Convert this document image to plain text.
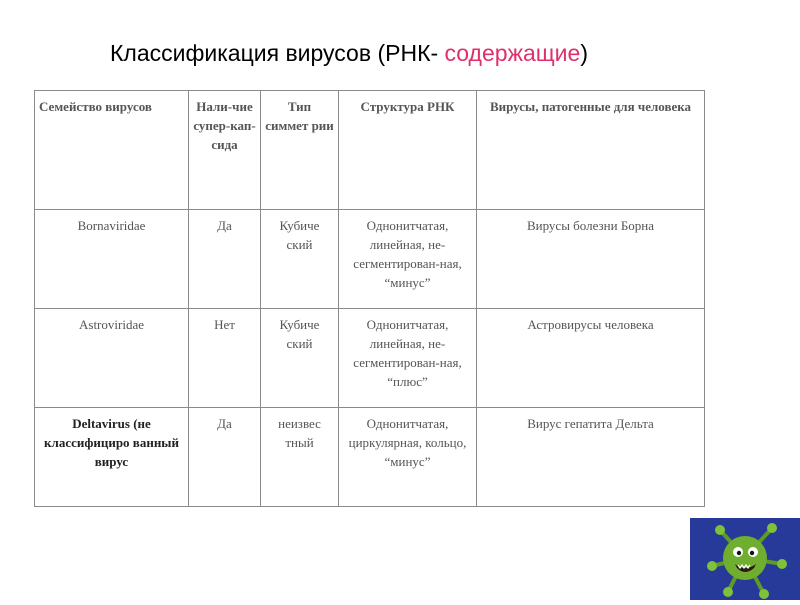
Классификация вирусов (РНК- содержащие)
Семейство вирусов	Нали-чие супер-кап-сида	Тип симмет рии	Структура РНК	Вирусы, патогенные для человека
Bornaviridae	Да	Кубиче ский	Однонитчатая, линейная, не-сегментирован-ная, “минус”	Вирусы болезни Борна
Astroviridae	Нет	Кубиче ский	Однонитчатая, линейная, не-сегментирован-ная, “плюс”	Астровирусы человека
Deltavirus (не классифициро ванный вирус	Да	неизвес тный	Однонитчатая, циркулярная, кольцо, “минус”	Вирус гепатита Дельта
